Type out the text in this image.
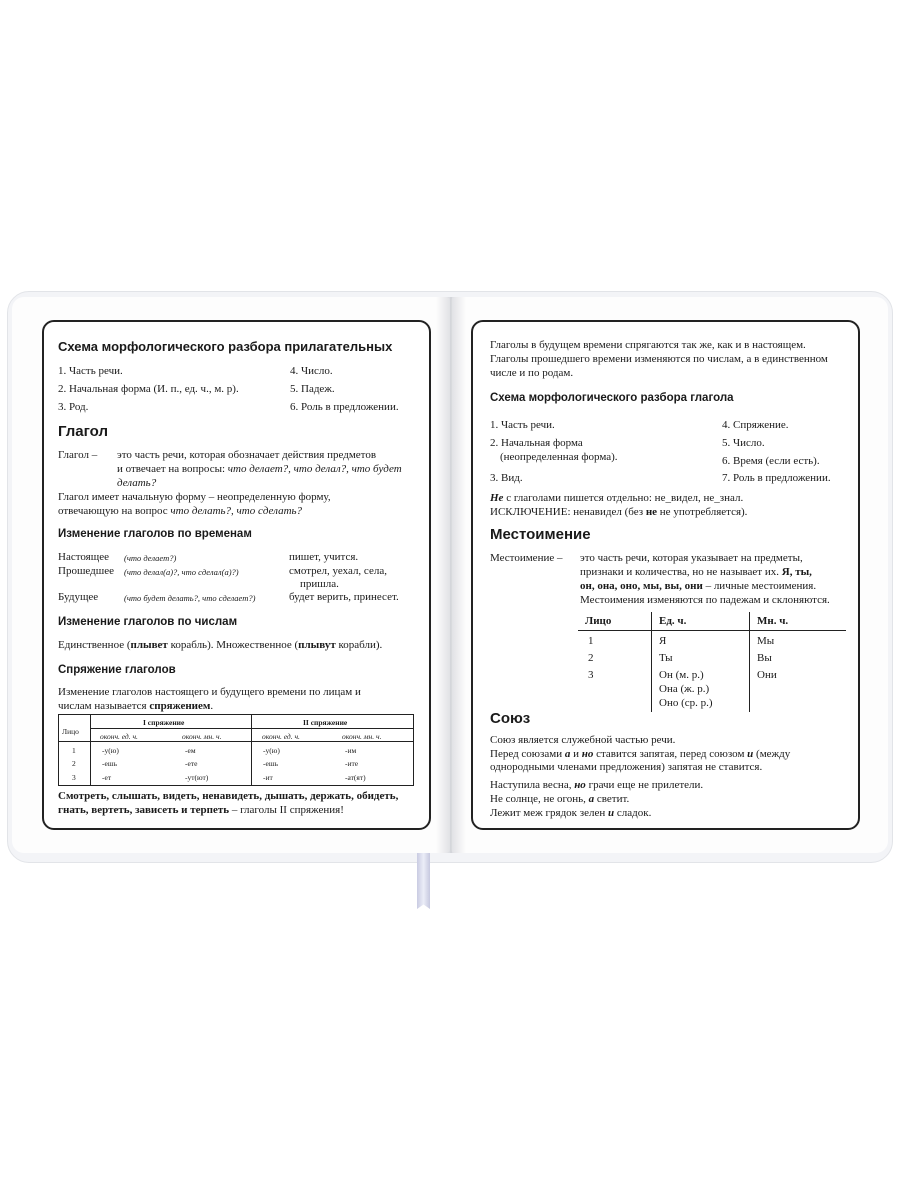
Схема морфологического разбора прилагательных
1. Часть речи.
2. Начальная форма (И. п., ед. ч., м. р).
3. Род.
4. Число.
5. Падеж.
6. Роль в предложении.
Глагол
Глагол – это часть речи, которая обозначает действия предметов
и отвечает на вопросы: что делает?, что делал?, что будет
делать?
Глагол имеет начальную форму – неопределенную форму,
отвечающую на вопрос что делать?, что сделать?
Изменение глаголов по временам
Настоящее (что делает?)	пишет, учится.
Прошедшее (что делал(а)?, что сделал(а)?)	смотрел, уехал, села,
пришла.
Будущее	(что будет делать?, что сделает?)	будет верить, принесет.
Изменение глаголов по числам
Единственное (плывет корабль). Множественное (плывут корабли).
Спряжение глаголов
Изменение глаголов настоящего и будущего времени по лицам и
числам называется спряжением.
Лицо
I спряжение	II спряжение
оконч. ед. ч.	оконч. мн. ч.	оконч. ед. ч.	оконч. мн. ч.
1	-у(ю)	-ем	-у(ю)	-им
2	-ешь	-ете	-ешь	-ите
3	-ет	-ут(ют)	-ит	-ат(ят)
Смотреть, слышать, видеть, ненавидеть, дышать, держать, обидеть,
гнать, вертеть, зависеть и терпеть – глаголы II спряжения!
Глаголы в будущем времени спрягаются так же, как и в настоящем.
Глаголы прошедшего времени изменяются по числам, а в единственном
числе и по родам.
Схема морфологического разбора глагола
1. Часть речи.
2. Начальная форма
(неопределенная форма).
3. Вид.
4. Спряжение.
5. Число.
6. Время (если есть).
7. Роль в предложении.
Не с глаголами пишется отдельно: не_видел, не_знал.
ИСКЛЮЧЕНИЕ: ненавидел (без не не употребляется).
Местоимение
Местоимение – это часть речи, которая указывает на предметы,
признаки и количества, но не называет их. Я, ты,
он, она, оно, мы, вы, они – личные местоимения.
Местоимения изменяются по падежам и склоняются.
Лицо	Ед. ч.	Мн. ч.
1	Я	Мы
2	Ты	Вы
3	Он (м. р.)	Они
Она (ж. р.)
Оно (ср. р.)
Союз
Союз является служебной частью речи.
Перед союзами а и но ставится запятая, перед союзом и (между
однородными членами предложения) запятая не ставится.
Наступила весна, но грачи еще не прилетели.
Не солнце, не огонь, а светит.
Лежит меж грядок зелен и сладок.
